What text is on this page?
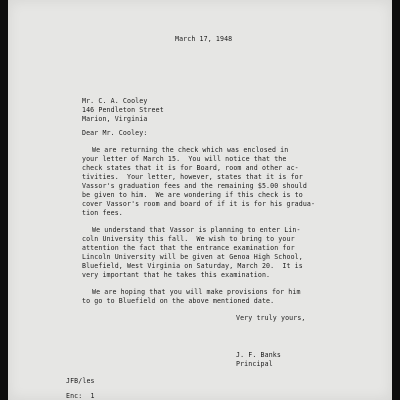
March 17, 1948
Mr. C. A. Cooley
146 Pendleton Street
Marion, Virginia
Dear Mr. Cooley:
We are returning the check which was enclosed in
your letter of March 15.  You will notice that the
check states that it is for Board, room and other ac-
tivities.  Your letter, however, states that it is for
Vassor's graduation fees and the remaining $5.00 should
be given to him.  We are wondering if this check is to
cover Vassor's room and board of if it is for his gradua-
tion fees.
We understand that Vassor is planning to enter Lin-
coln University this fall.  We wish to bring to your
attention the fact that the entrance examination for
Lincoln University will be given at Genoa High School,
Bluefield, West Virginia on Saturday, March 20.  It is
very important that he takes this examination.
We are hoping that you will make provisions for him
to go to Bluefield on the above mentioned date.
Very truly yours,
J. F. Banks
Principal
JFB/les
Enc:  1
